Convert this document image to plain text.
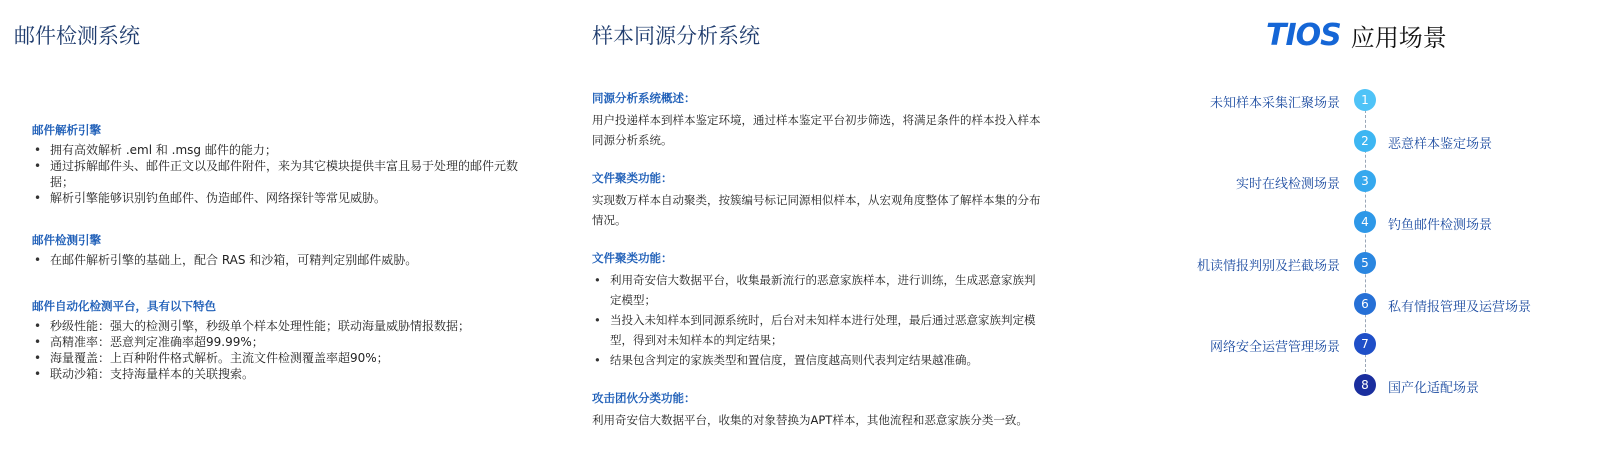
邮件检测系统
邮件解析引擎
• 拥有高效解析 .eml 和 .msg 邮件的能力；
• 通过拆解邮件头、邮件正文以及邮件附件，来为其它模块提供丰富且易于处理的邮件元数据；
• 解析引擎能够识别钓鱼邮件、伪造邮件、网络探针等常见威胁。
邮件检测引擎
• 在邮件解析引擎的基础上，配合 RAS 和沙箱，可精判定别邮件威胁。
邮件自动化检测平台，具有以下特色
• 秒级性能：强大的检测引擎，秒级单个样本处理性能；联动海量威胁情报数据；
• 高精准率：恶意判定准确率超99.99%；
• 海量覆盖：上百种附件格式解析。主流文件检测覆盖率超90%；
• 联动沙箱：支持海量样本的关联搜索。
样本同源分析系统
同源分析系统概述：

用户投递样本到样本鉴定环境，通过样本鉴定平台初步筛选，将满足条件的样本投入样本同源分析系统。

文件聚类功能：

实现数万样本自动聚类，按簇编号标记同源相似样本，从宏观角度整体了解样本集的分布情况。

文件聚类功能：
• 利用奇安信大数据平台，收集最新流行的恶意家族样本，进行训练，生成恶意家族判定模型；
• 当投入未知样本到同源系统时，后台对未知样本进行处理，最后通过恶意家族判定模型，得到对未知样本的判定结果；
• 结果包含判定的家族类型和置信度，置信度越高则代表判定结果越准确。
攻击团伙分类功能：

利用奇安信大数据平台，收集的对象替换为APT样本，其他流程和恶意家族分类一致。

TIOS 应用场景
1
未知样本采集汇聚场景
2	恶意样本鉴定场景
3
实时在线检测场景
4	钓鱼邮件检测场景
5
机读情报判别及拦截场景
6	私有情报管理及运营场景
7
网络安全运营管理场景
8	国产化适配场景
